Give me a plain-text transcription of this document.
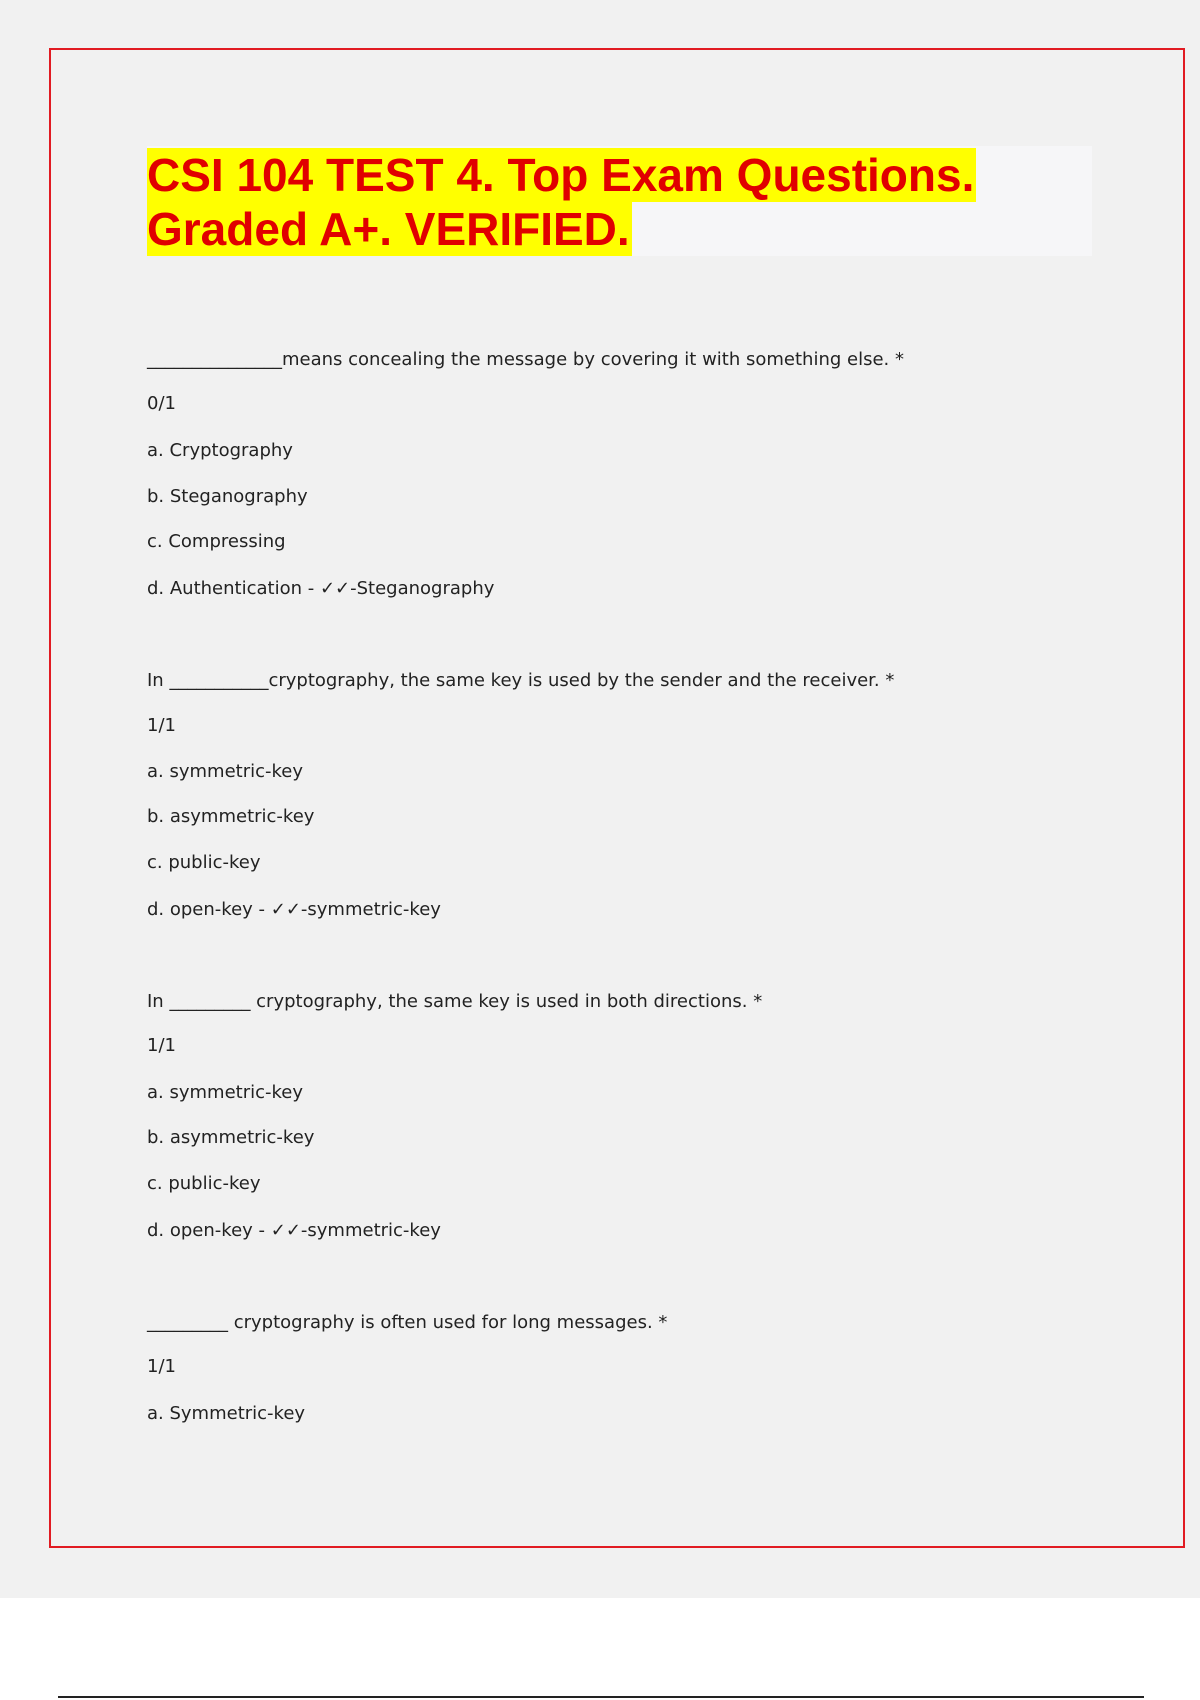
CSI 104 TEST 4. Top Exam Questions.
Graded A+. VERIFIED.
_______________means concealing the message by covering it with something else. *
0/1
a. Cryptography
b. Steganography
c. Compressing
d. Authentication - ✓✓-Steganography
In ___________cryptography, the same key is used by the sender and the receiver. *
1/1
a. symmetric-key
b. asymmetric-key
c. public-key
d. open-key - ✓✓-symmetric-key
In _________ cryptography, the same key is used in both directions. *
1/1
a. symmetric-key
b. asymmetric-key
c. public-key
d. open-key - ✓✓-symmetric-key
_________ cryptography is often used for long messages. *
1/1
a. Symmetric-key
